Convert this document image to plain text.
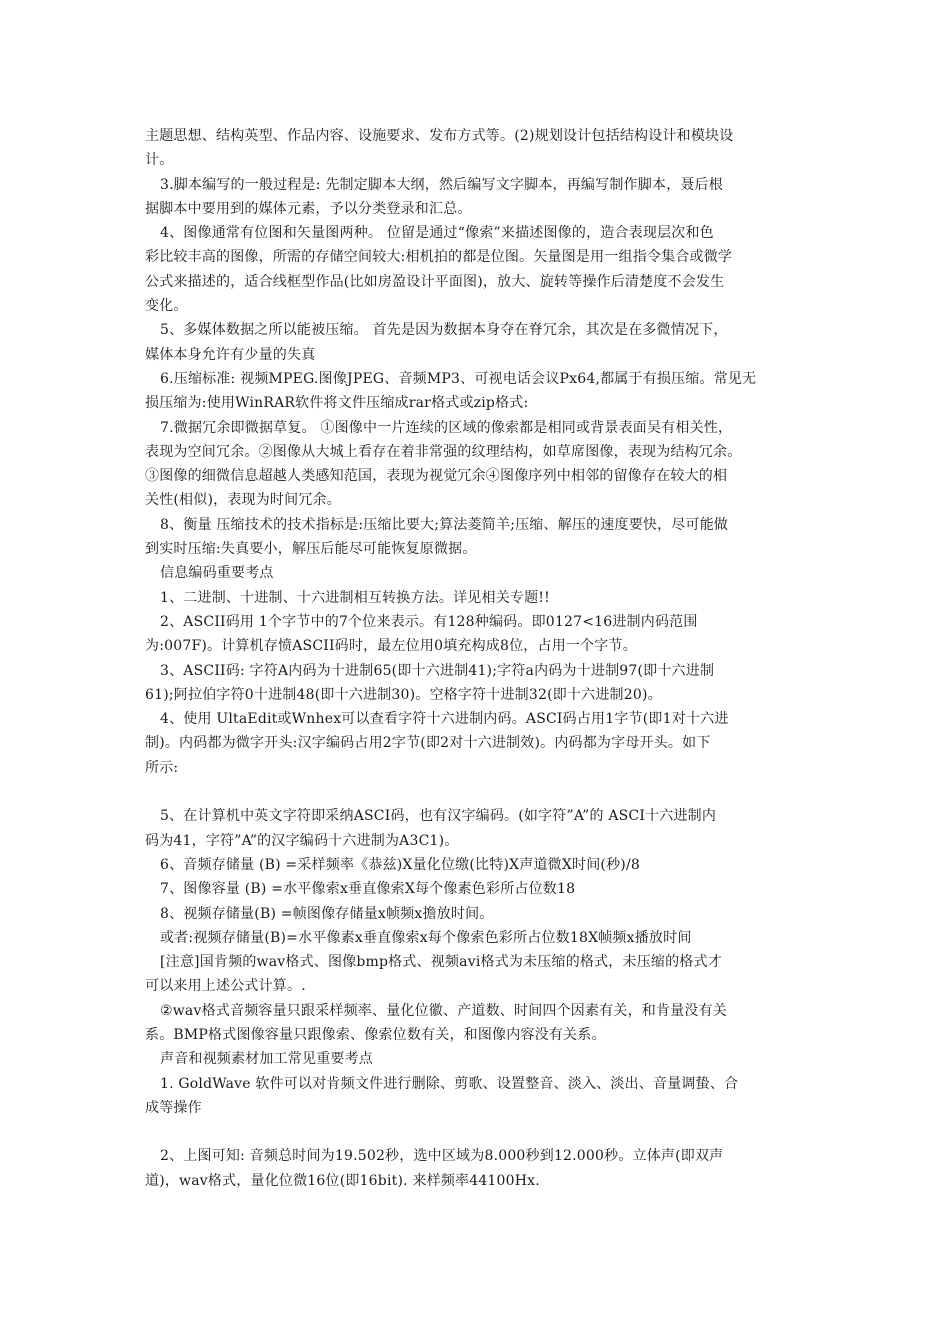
主题思想、结构英型、作品内容、设施要求、发布方式等。(2)规划设计包括结构设计和模块设
计。
3.脚本编写的一般过程是: 先制定脚本大纲，然后编写文字脚本，再编写制作脚本，聂后根
据脚本中要用到的媒体元素，予以分类登录和汇总。
4、图像通常有位图和矢量图两种。 位留是通过“像索”来描述图像的，造合表现层次和色
彩比较丰高的图像，所需的存储空间较大:相机拍的都是位图。矢量图是用一组指令集合或微学
公式来描述的，适合线框型作品(比如房盈设计平面图)，放大、旋转等操作后清楚度不会发生
变化。
5、多媒体数据之所以能被压缩。 首先是因为数据本身夺在脊冗余，其次是在多微情况下，
媒体本身允许有少量的失真
6.压缩标准: 视频MPEG.图像JPEG、音频MP3、可视电话会议Px64,都属于有损压缩。常见无
损压缩为:使用WinRAR软件将文件压缩成rar格式或zip格式:
7.微据冗余即微据草复。 ①图像中一片连续的区域的像索都是相同或背景表面吴有相关性，
表现为空间冗余。②图像从大城上看存在着非常强的纹理结构，如草席图像，表现为结构冗余。
③图像的细微信息超越人类感知范国，表现为视觉冗余④图像序列中相邻的留像存在较大的相
关性(相似)，表现为时间冗余。
8、衡量 压缩技术的技术指标是:压缩比要大;算法菱简羊;压缩、解压的速度要快，尽可能做
到实时压缩:失真要小，解压后能尽可能恢复原微据。
信息编码重要考点
1、二进制、十进制、十六进制相互转换方法。详见相关专题!!
2、ASCII码用 1个字节中的7个位来表示。有128种编码。即0127<16进制内码范围
为:007F)。计算机存愤ASCII码时，最左位用0填充构成8位，占用一个字节。
3、ASCII码: 字符A内码为十进制65(即十六进制41);字符a内码为十进制97(即十六进制
61);阿拉伯字符0十进制48(即十六进制30)。空格字符十进制32(即十六进制20)。
4、使用 UltaEdit或Wnhex可以查看字符十六进制内码。ASCI码占用1字节(即1对十六进
制)。内码都为微字开头:汉字编码占用2字节(即2对十六进制效)。内码都为字母开头。如下
所示:
5、在计算机中英文字符即采纳ASCI码，也有汉字编码。(如字符”A”的 ASCI十六进制内
码为41，字符”A”的汉字编码十六进制为A3C1)。
6、音频存储量 (B) =采样频率《恭兹)X量化位缴(比特)X声道微X时间(秒)/8
7、图像容量 (B) =水平像索x垂直像索X每个像素色彩所占位数18
8、视频存储量(B) =帧图像存储量x帧频x擔放时间。
或者:视频存储量(B)=水平像素x垂直像索x每个像索色彩所占位数18X帧频x播放时间
[注意]国肯频的wav格式、图像bmp格式、视频avi格式为未压缩的格式，未压缩的格式才
可以来用上述公式计算。.
②wav格式音频容量只跟采样频率、量化位徽、产道数、时间四个因素有关，和肯量没有关
系。BMP格式图像容量只跟像索、像索位数有关，和图像内容没有关系。
声音和视频素材加工常见重要考点
1. GoldWave 软件可以对肯频文件进行删除、剪歌、设置整音、淡入、淡出、音量调蛰、合
成等操作
2、上图可知: 音频总时间为19.502秒，选中区域为8.000秒到12.000秒。立体声(即双声
道)，wav格式，量化位微16位(即16bit). 来样频率44100Hx.
